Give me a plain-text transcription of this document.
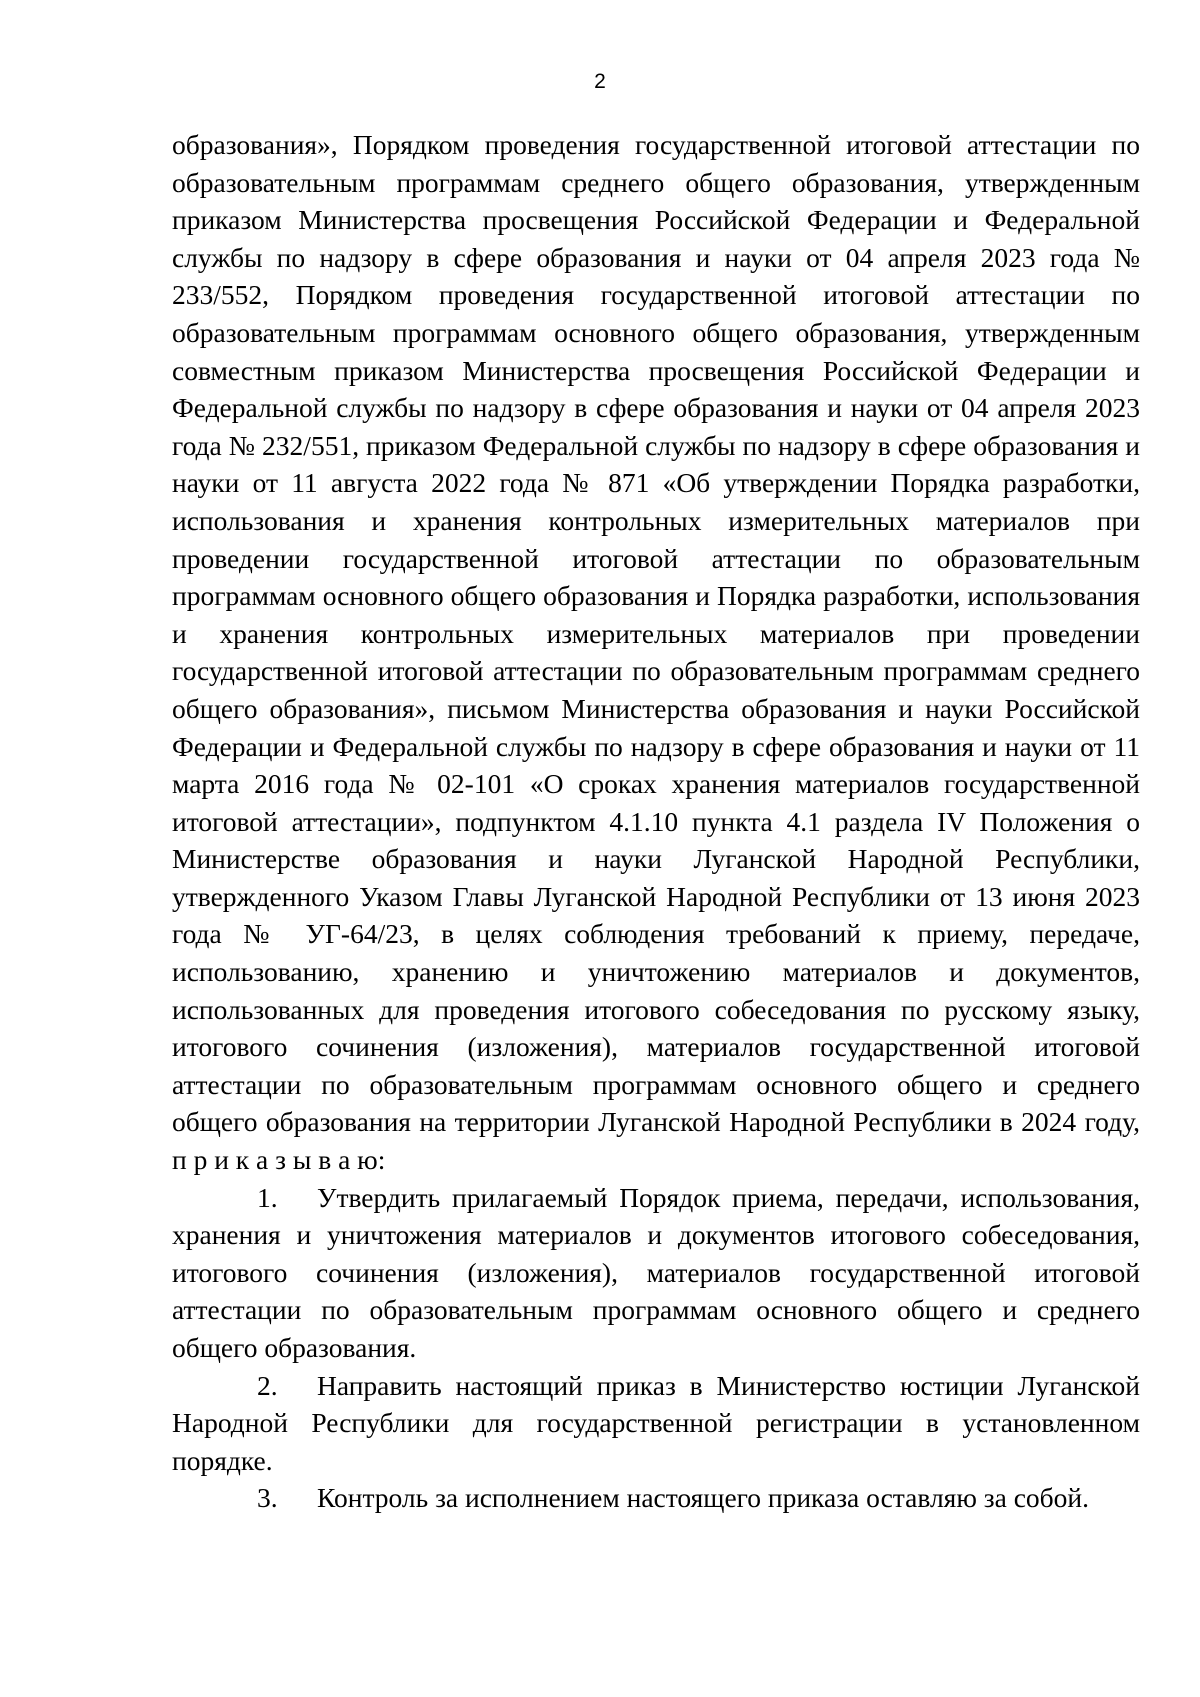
2

образования», Порядком проведения государственной итоговой аттестации по образовательным программам среднего общего образования, утвержденным приказом Министерства просвещения Российской Федерации и Федеральной службы по надзору в сфере образования и науки от 04 апреля 2023 года № 233/552, Порядком проведения государственной итоговой аттестации по образовательным программам основного общего образования, утвержденным совместным приказом Министерства просвещения Российской Федерации и Федеральной службы по надзору в сфере образования и науки от 04 апреля 2023 года № 232/551, приказом Федеральной службы по надзору в сфере образования и науки от 11 августа 2022 года № 871 «Об утверждении Порядка разработки, использования и хранения контрольных измерительных материалов при проведении государственной итоговой аттестации по образовательным программам основного общего образования и Порядка разработки, использования и хранения контрольных измерительных материалов при проведении государственной итоговой аттестации по образовательным программам среднего общего образования», письмом Министерства образования и науки Российской Федерации и Федеральной службы по надзору в сфере образования и науки от 11 марта 2016 года № 02-101 «О сроках хранения материалов государственной итоговой аттестации», подпунктом 4.1.10 пункта 4.1 раздела IV Положения о Министерстве образования и науки Луганской Народной Республики, утвержденного Указом Главы Луганской Народной Республики от 13 июня 2023 года № УГ-64/23, в целях соблюдения требований к приему, передаче, использованию, хранению и уничтожению материалов и документов, использованных для проведения итогового собеседования по русскому языку, итогового сочинения (изложения), материалов государственной итоговой аттестации по образовательным программам основного общего и среднего общего образования на территории Луганской Народной Республики в 2024 году, п р и к а з ы в а ю:

1. Утвердить прилагаемый Порядок приема, передачи, использования, хранения и уничтожения материалов и документов итогового собеседования, итогового сочинения (изложения), материалов государственной итоговой аттестации по образовательным программам основного общего и среднего общего образования.

2. Направить настоящий приказ в Министерство юстиции Луганской Народной Республики для государственной регистрации в установленном порядке.

3. Контроль за исполнением настоящего приказа оставляю за собой.
